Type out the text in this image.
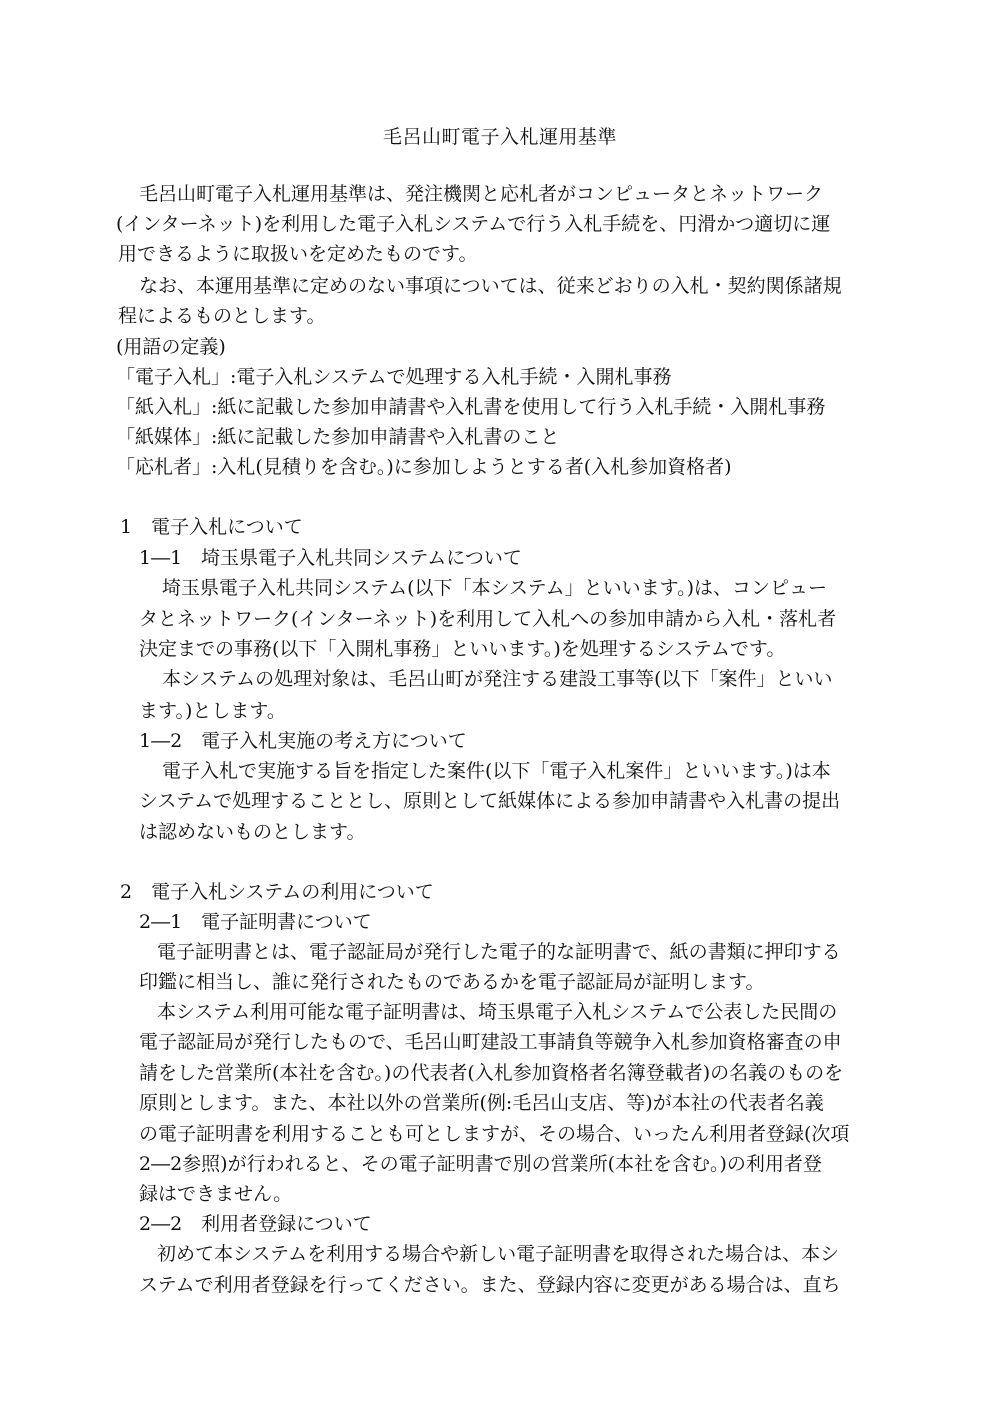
毛呂山町電子入札運用基準
毛呂山町電子入札運用基準は、発注機関と応札者がコンピュータとネットワーク
(インターネット)を利用した電子入札システムで行う入札手続を、円滑かつ適切に運
用できるように取扱いを定めたものです。
なお、本運用基準に定めのない事項については、従来どおりの入札・契約関係諸規
程によるものとします。
(用語の定義)
「電子入札」:電子入札システムで処理する入札手続・入開札事務
「紙入札」:紙に記載した参加申請書や入札書を使用して行う入札手続・入開札事務
「紙媒体」:紙に記載した参加申請書や入札書のこと
「応札者」:入札(見積りを含む。)に参加しようとする者(入札参加資格者)
1　電子入札について
1―1　埼玉県電子入札共同システムについて
埼玉県電子入札共同システム(以下「本システム」といいます。)は、コンピュー
タとネットワーク(インターネット)を利用して入札への参加申請から入札・落札者
決定までの事務(以下「入開札事務」といいます。)を処理するシステムです。
本システムの処理対象は、毛呂山町が発注する建設工事等(以下「案件」といい
ます。)とします。
1―2　電子入札実施の考え方について
電子入札で実施する旨を指定した案件(以下「電子入札案件」といいます。)は本
システムで処理することとし、原則として紙媒体による参加申請書や入札書の提出
は認めないものとします。
2　電子入札システムの利用について
2―1　電子証明書について
電子証明書とは、電子認証局が発行した電子的な証明書で、紙の書類に押印する
印鑑に相当し、誰に発行されたものであるかを電子認証局が証明します。
本システム利用可能な電子証明書は、埼玉県電子入札システムで公表した民間の
電子認証局が発行したもので、毛呂山町建設工事請負等競争入札参加資格審査の申
請をした営業所(本社を含む。)の代表者(入札参加資格者名簿登載者)の名義のものを
原則とします。また、本社以外の営業所(例:毛呂山支店、等)が本社の代表者名義
の電子証明書を利用することも可としますが、その場合、いったん利用者登録(次項
2―2参照)が行われると、その電子証明書で別の営業所(本社を含む。)の利用者登
録はできません。
2―2　利用者登録について
初めて本システムを利用する場合や新しい電子証明書を取得された場合は、本シ
ステムで利用者登録を行ってください。また、登録内容に変更がある場合は、直ち
